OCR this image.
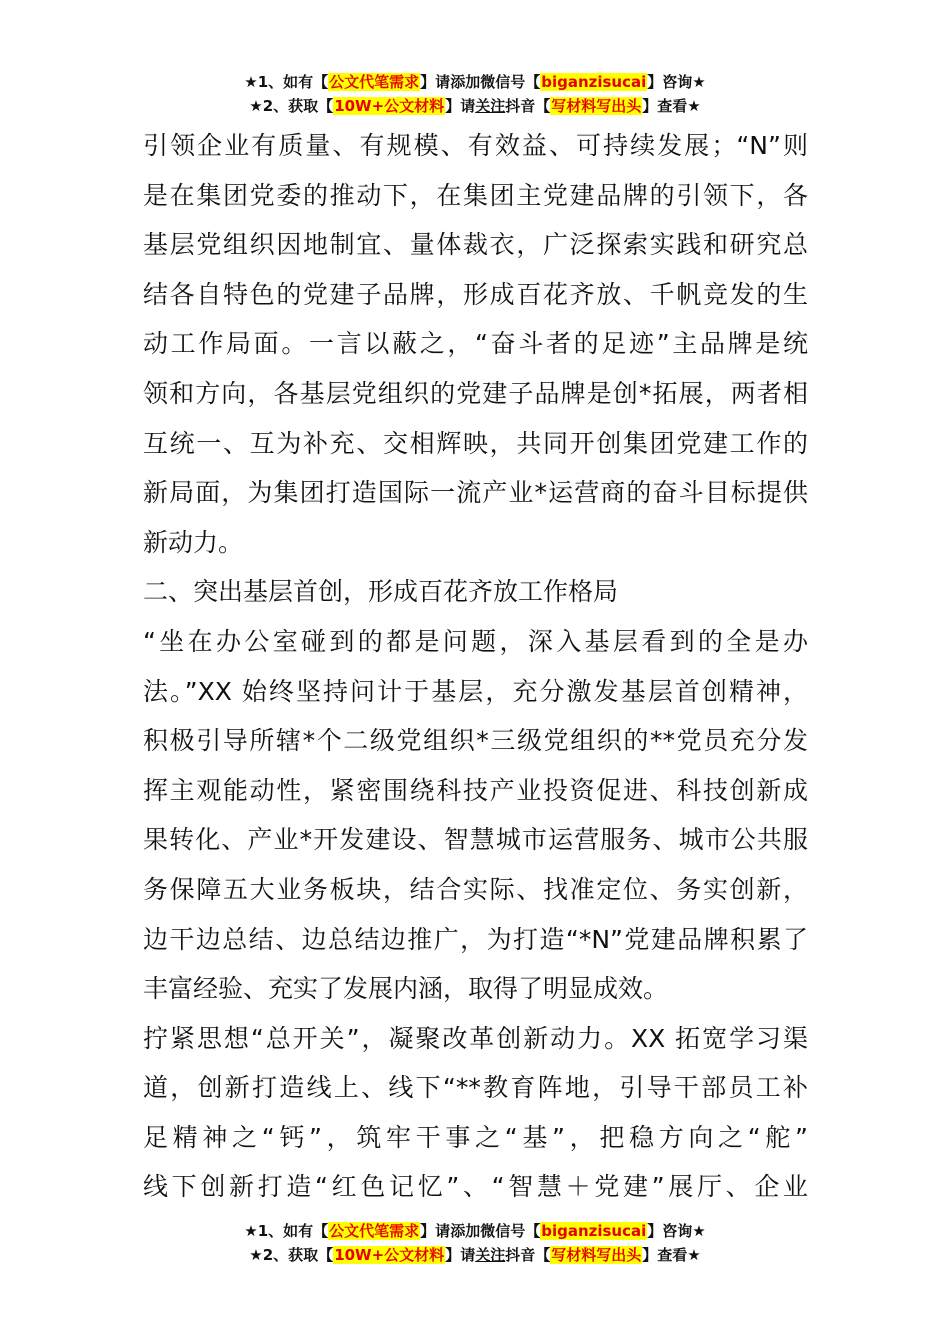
★1、如有【公文代笔需求】请添加微信号【biganzisucai】咨询★
★2、获取【10W+公文材料】请关注抖音【写材料写出头】查看★
引领企业有质量、有规模、有效益、可持续发展；“N”则
是在集团党委的推动下，在集团主党建品牌的引领下，各
基层党组织因地制宜、量体裁衣，广泛探索实践和研究总
结各自特色的党建子品牌，形成百花齐放、千帆竞发的生
动工作局面。一言以蔽之，“奋斗者的足迹”主品牌是统
领和方向，各基层党组织的党建子品牌是创*拓展，两者相
互统一、互为补充、交相辉映，共同开创集团党建工作的
新局面，为集团打造国际一流产业*运营商的奋斗目标提供
新动力。
二、突出基层首创，形成百花齐放工作格局
“坐在办公室碰到的都是问题，深入基层看到的全是办
法。”XX 始终坚持问计于基层，充分激发基层首创精神，
积极引导所辖*个二级党组织*三级党组织的**党员充分发
挥主观能动性，紧密围绕科技产业投资促进、科技创新成
果转化、产业*开发建设、智慧城市运营服务、城市公共服
务保障五大业务板块，结合实际、找准定位、务实创新，
边干边总结、边总结边推广，为打造“*N”党建品牌积累了
丰富经验、充实了发展内涵，取得了明显成效。
拧紧思想“总开关”，凝聚改革创新动力。XX 拓宽学习渠
道，创新打造线上、线下“**教育阵地，引导干部员工补
足精神之“钙”，筑牢干事之“基”，把稳方向之“舵”
线下创新打造“红色记忆”、“智慧＋党建”展厅、企业
★1、如有【公文代笔需求】请添加微信号【biganzisucai】咨询★
★2、获取【10W+公文材料】请关注抖音【写材料写出头】查看★
